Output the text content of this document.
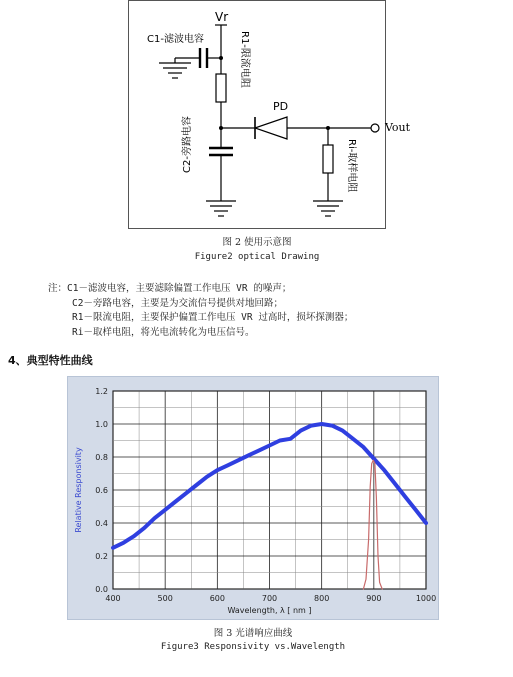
Vr
C1-滤波电容	R1-限流电阻
PD
C2-旁路电容	Ri-取样电阻
Vout
图 2 使用示意图
Figure2 optical Drawing
注：C1－滤波电容，主要滤除偏置工作电压 VR 的噪声；
C2－旁路电容，主要是为交流信号提供对地回路；
R1－限流电阻，主要保护偏置工作电压 VR 过高时，损坏探测器；
Ri－取样电阻，将光电流转化为电压信号。
4、典型特性曲线
400	500	600	700	800	900	1000
0.0
0.2
0.4
0.6
0.8
1.0
1.2
Wavelength, λ [ nm ]
Relative Responsivity
图 3 光谱响应曲线
Figure3 Responsivity vs.Wavelength
